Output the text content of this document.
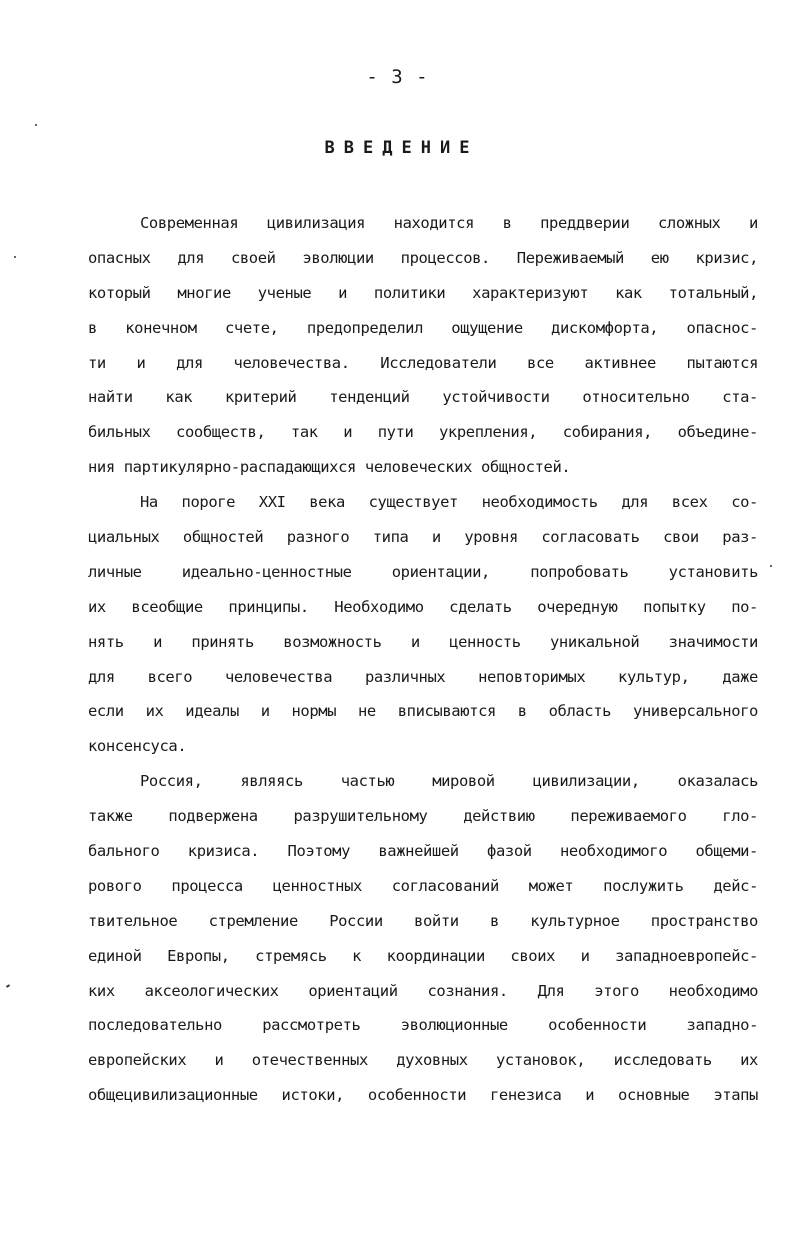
- 3 -
ВВЕДЕНИЕ
Современная цивилизация находится в преддверии сложных и
опасных для своей эволюции процессов. Переживаемый ею кризис,
который многие ученые и политики характеризуют как тотальный,
в конечном счете, предопределил ощущение дискомфорта, опаснос-
ти и для человечества. Исследователи все активнее пытаются
найти как критерий тенденций устойчивости относительно ста-
бильных сообществ, так и пути укрепления, собирания, объедине-
ния партикулярно-распадающихся человеческих общностей.
На пороге XXI века существует необходимость для всех со-
циальных общностей разного типа и уровня согласовать свои раз-
личные идеально-ценностные ориентации, попробовать установить
их всеобщие принципы. Необходимо сделать очередную попытку по-
нять и принять возможность и ценность уникальной значимости
для всего человечества различных неповторимых культур, даже
если их идеалы и нормы не вписываются в область универсального
консенсуса.
Россия, являясь частью мировой цивилизации, оказалась
также подвержена разрушительному действию переживаемого гло-
бального кризиса. Поэтому важнейшей фазой необходимого общеми-
рового процесса ценностных согласований может послужить дейс-
твительное стремление России войти в культурное пространство
единой Европы, стремясь к координации своих и западноевропейс-
ких аксеологических ориентаций сознания. Для этого необходимо
последовательно рассмотреть эволюционные особенности западно-
европейских и отечественных духовных установок, исследовать их
общецивилизационные истоки, особенности генезиса и основные этапы
